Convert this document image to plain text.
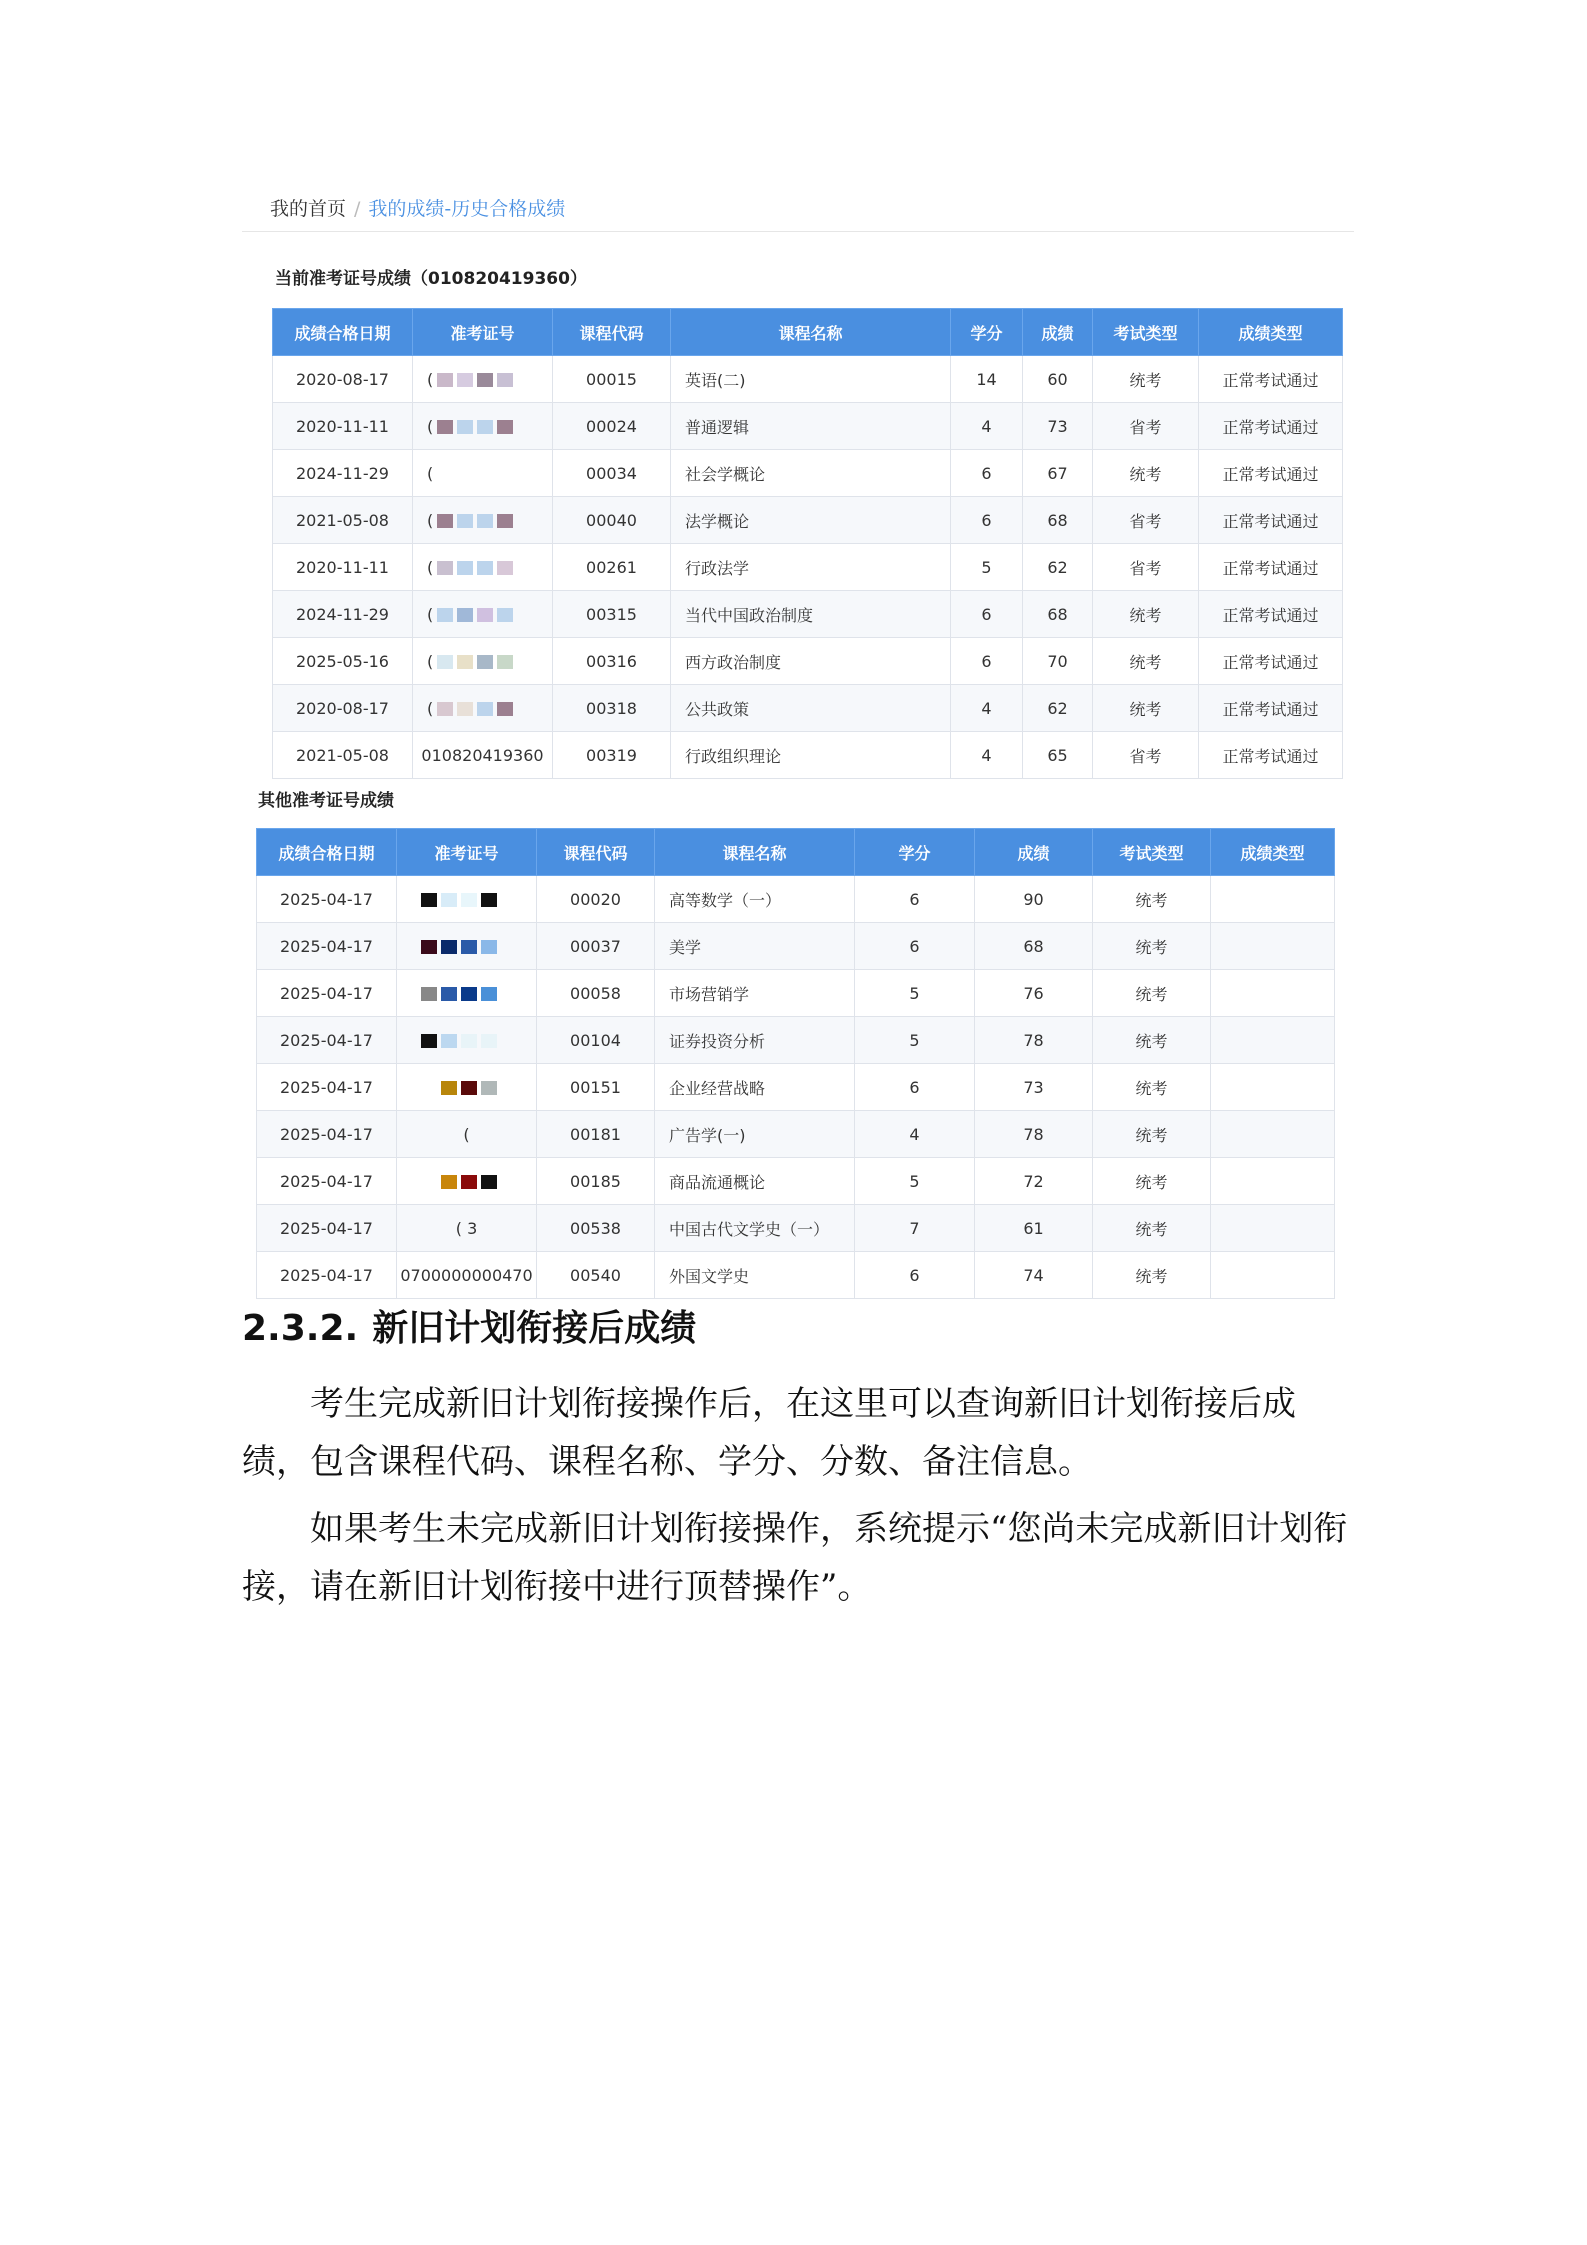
我的首页 / 我的成绩-历史合格成绩
当前准考证号成绩（010820419360）
成绩合格日期	准考证号	课程代码	课程名称	学分	成绩	考试类型	成绩类型
2020-08-17	(	00015	英语(二)	14	60	统考	正常考试通过
2020-11-11	(	00024	普通逻辑	4	73	省考	正常考试通过
2024-11-29	(	00034	社会学概论	6	67	统考	正常考试通过
2021-05-08	(	00040	法学概论	6	68	省考	正常考试通过
2020-11-11	(	00261	行政法学	5	62	省考	正常考试通过
2024-11-29	(	00315	当代中国政治制度	6	68	统考	正常考试通过
2025-05-16	(	00316	西方政治制度	6	70	统考	正常考试通过
2020-08-17	(	00318	公共政策	4	62	统考	正常考试通过
2021-05-08	010820419360	00319	行政组织理论	4	65	省考	正常考试通过
其他准考证号成绩
成绩合格日期	准考证号	课程代码	课程名称	学分	成绩	考试类型	成绩类型
2025-04-17		00020	高等数学（一）	6	90	统考	
2025-04-17		00037	美学	6	68	统考	
2025-04-17		00058	市场营销学	5	76	统考	
2025-04-17		00104	证券投资分析	5	78	统考	
2025-04-17		00151	企业经营战略	6	73	统考	
2025-04-17	(	00181	广告学(一)	4	78	统考	
2025-04-17		00185	商品流通概论	5	72	统考	
2025-04-17	( 3	00538	中国古代文学史（一）	7	61	统考	
2025-04-17	0700000000470	00540	外国文学史	6	74	统考	
2.3.2. 新旧计划衔接后成绩
考生完成新旧计划衔接操作后，在这里可以查询新旧计划衔接后成绩，包含课程代码、课程名称、学分、分数、备注信息。
如果考生未完成新旧计划衔接操作，系统提示“您尚未完成新旧计划衔接，请在新旧计划衔接中进行顶替操作”。
